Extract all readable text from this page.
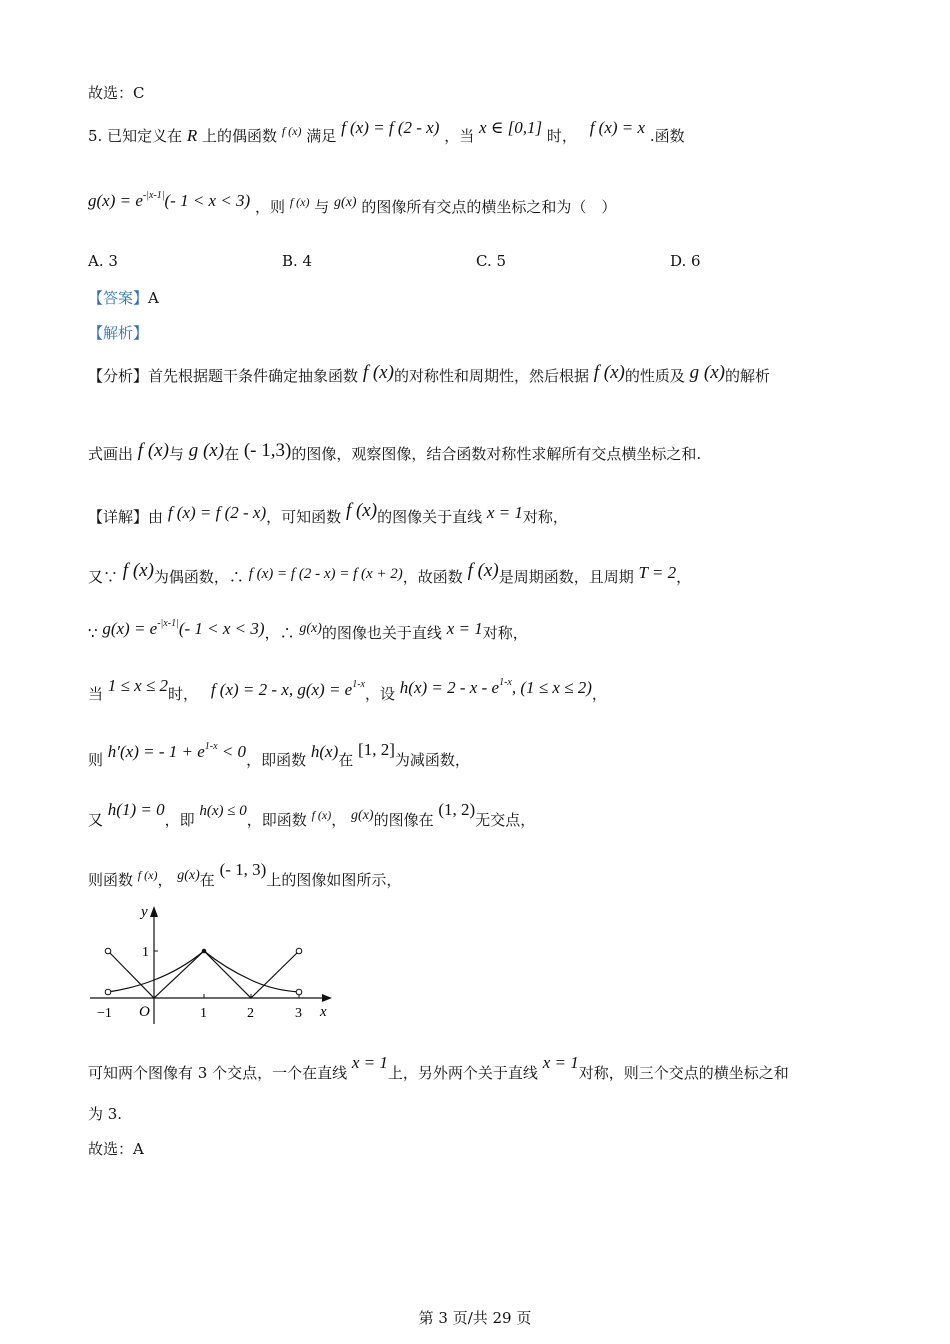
故选：C
5. 已知定义在 R 上的偶函数 $^{f (x)}$ 满足 f (x) = f (2 - x) ，当 x ∈ [0,1] 时， f (x) = x .函数
$g(x) = e^{-|x-1|}(-$ 1 < x < 3) ，则 $^{f (x)}$ 与 g(x) 的图像所有交点的横坐标之和为（　）
A. 3	B. 4	C. 5	D. 6
【答案】A
【解析】
【分析】首先根据题干条件确定抽象函数 f (x)的对称性和周期性，然后根据 f (x)的性质及 g (x)的解析
式画出 f (x)与 g (x)在 (- 1,3)的图像，观察图像，结合函数对称性求解所有交点横坐标之和.
【详解】由 f (x) = f (2 - x)，可知函数 f (x)的图像关于直线 x = 1对称，
又∵ f (x)为偶函数，∴ f (x) = f (2 - x) = f (x + 2)，故函数 f (x)是周期函数，且周期 T = 2，
∵ $g(x) = e^{-|x-1|}(-$ 1 < x < 3)，∴ g(x)的图像也关于直线 x = 1对称，
当 1 ≤ x ≤ 2时， f (x) = 2 - x, $g(x) = e^{1-x}$，设 $h(x) = 2 - x - e^{1-x}$, (1 ≤ x ≤ 2)，
则 h′(x) = - $1 + e^{1-x} < 0$，即函数 h(x)在 [1, 2]为减函数，
又 h(1) = 0，即 h(x) ≤ 0，即函数 $^{f (x)}$， g(x)的图像在 (1, 2)无交点，
则函数 $^{f (x)}$， g(x)在 (- 1, 3)上的图像如图所示，
y
x
1
O
−1	1	2	3
可知两个图像有 3 个交点，一个在直线 x = 1上，另外两个关于直线 x = 1对称，则三个交点的横坐标之和
为 3.
故选：A
第 3 页/共 29 页
